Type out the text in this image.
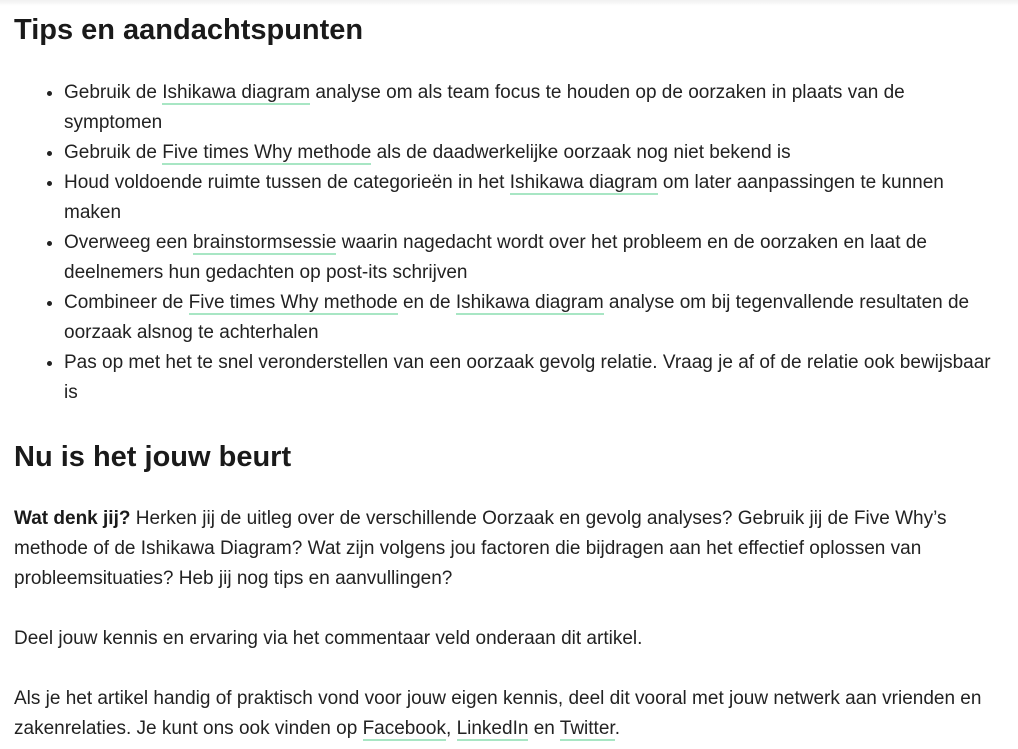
Tips en aandachtspunten
• Gebruik de Ishikawa diagram analyse om als team focus te houden op de oorzaken in plaats van de symptomen
• Gebruik de Five times Why methode als de daadwerkelijke oorzaak nog niet bekend is
• Houd voldoende ruimte tussen de categorieën in het Ishikawa diagram om later aanpassingen te kunnen maken
• Overweeg een brainstormsessie waarin nagedacht wordt over het probleem en de oorzaken en laat de deelnemers hun gedachten op post-its schrijven
• Combineer de Five times Why methode en de Ishikawa diagram analyse om bij tegenvallende resultaten de oorzaak alsnog te achterhalen
• Pas op met het te snel veronderstellen van een oorzaak gevolg relatie. Vraag je af of de relatie ook bewijsbaar is
Nu is het jouw beurt

Wat denk jij? Herken jij de uitleg over de verschillende Oorzaak en gevolg analyses? Gebruik jij de Five Why’s methode of de Ishikawa Diagram? Wat zijn volgens jou factoren die bijdragen aan het effectief oplossen van probleemsituaties? Heb jij nog tips en aanvullingen?

Deel jouw kennis en ervaring via het commentaar veld onderaan dit artikel.

Als je het artikel handig of praktisch vond voor jouw eigen kennis, deel dit vooral met jouw netwerk aan vrienden en zakenrelaties. Je kunt ons ook vinden op Facebook, LinkedIn en Twitter.
